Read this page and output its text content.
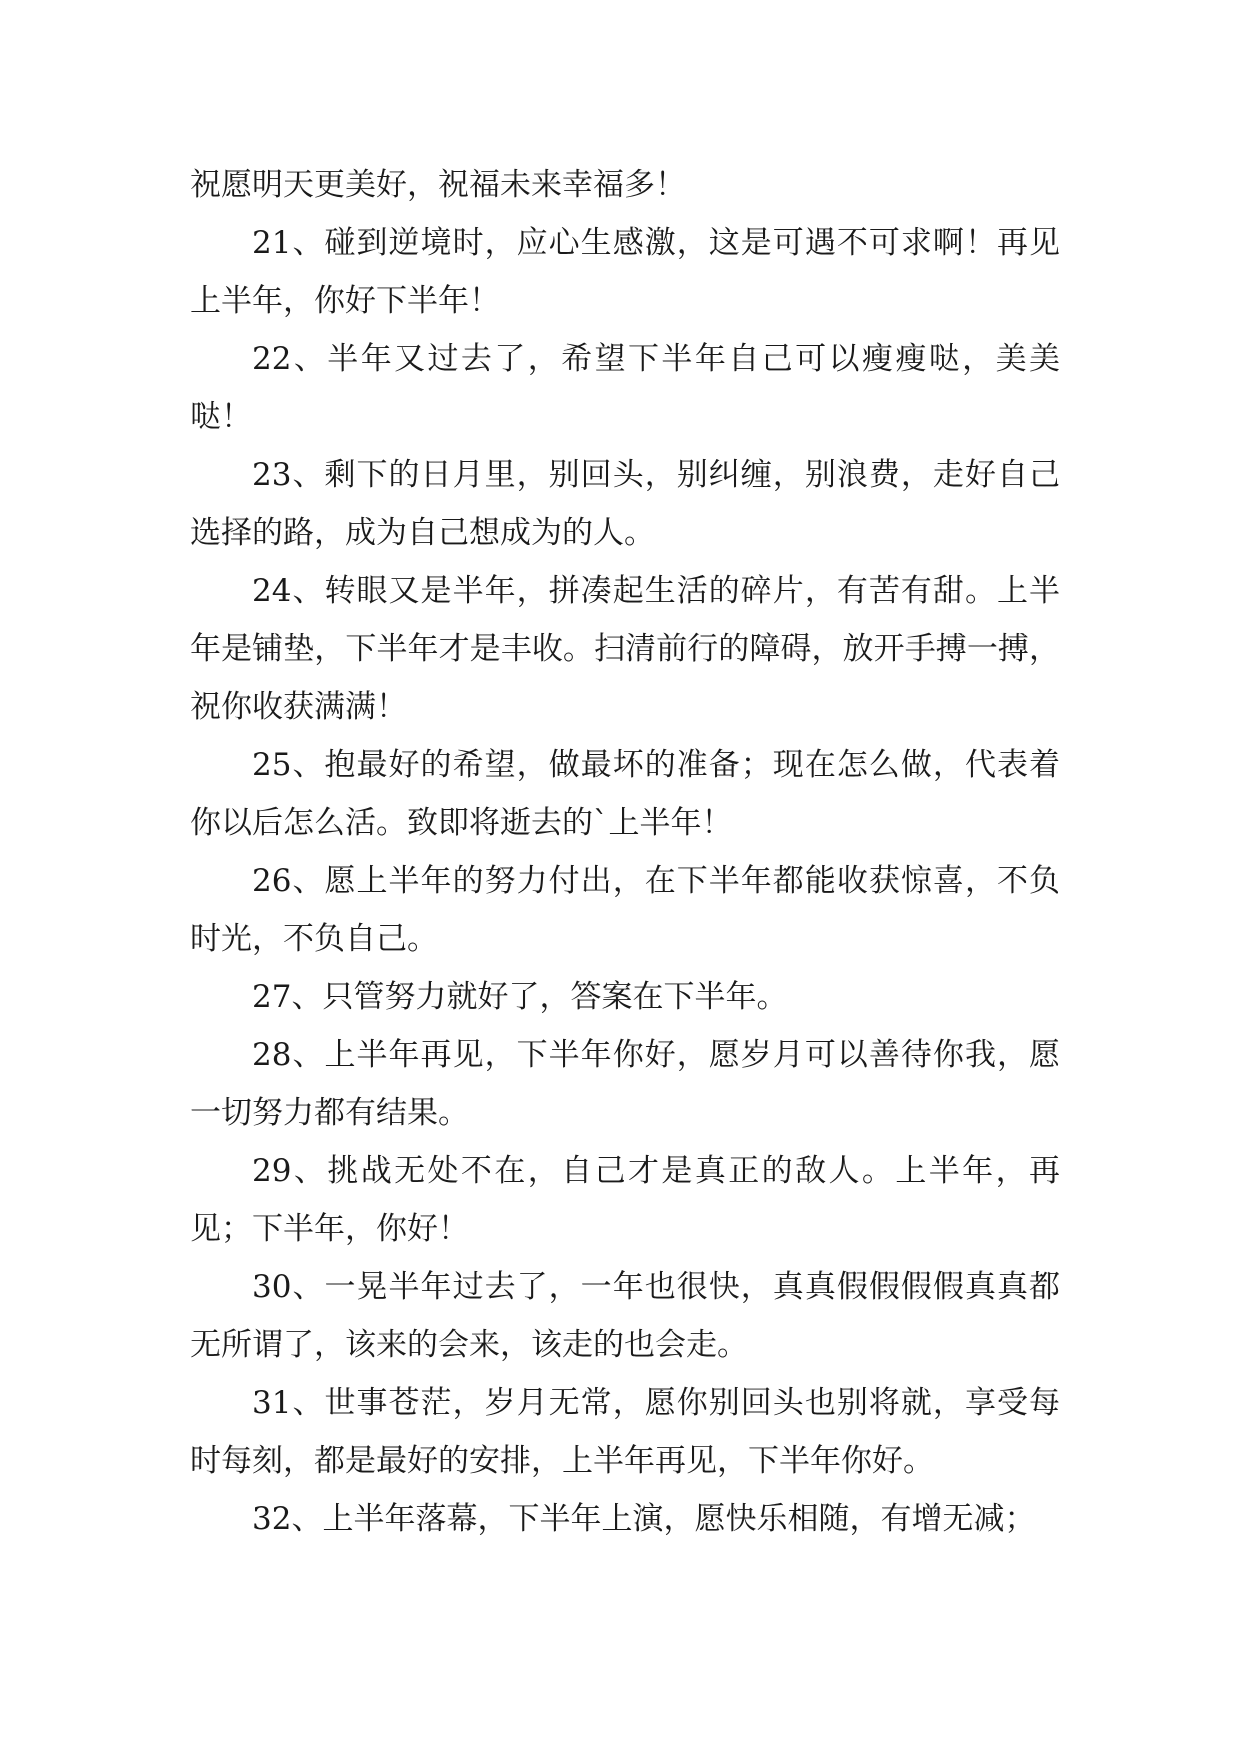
祝愿明天更美好，祝福未来幸福多！

21、碰到逆境时，应心生感激，这是可遇不可求啊！再见上半年，你好下半年！

22、半年又过去了，希望下半年自己可以瘦瘦哒，美美哒！

23、剩下的日月里，别回头，别纠缠，别浪费，走好自己选择的路，成为自己想成为的人。

24、转眼又是半年，拼凑起生活的碎片，有苦有甜。上半年是铺垫，下半年才是丰收。扫清前行的障碍，放开手搏一搏，祝你收获满满！

25、抱最好的希望，做最坏的准备；现在怎么做，代表着你以后怎么活。致即将逝去的`上半年！

26、愿上半年的努力付出，在下半年都能收获惊喜，不负时光，不负自己。

27、只管努力就好了，答案在下半年。

28、上半年再见，下半年你好，愿岁月可以善待你我，愿一切努力都有结果。

29、挑战无处不在，自己才是真正的敌人。上半年，再见；下半年，你好！

30、一晃半年过去了，一年也很快，真真假假假假真真都无所谓了，该来的会来，该走的也会走。

31、世事苍茫，岁月无常，愿你别回头也别将就，享受每时每刻，都是最好的安排，上半年再见，下半年你好。

32、上半年落幕，下半年上演，愿快乐相随，有增无减；
